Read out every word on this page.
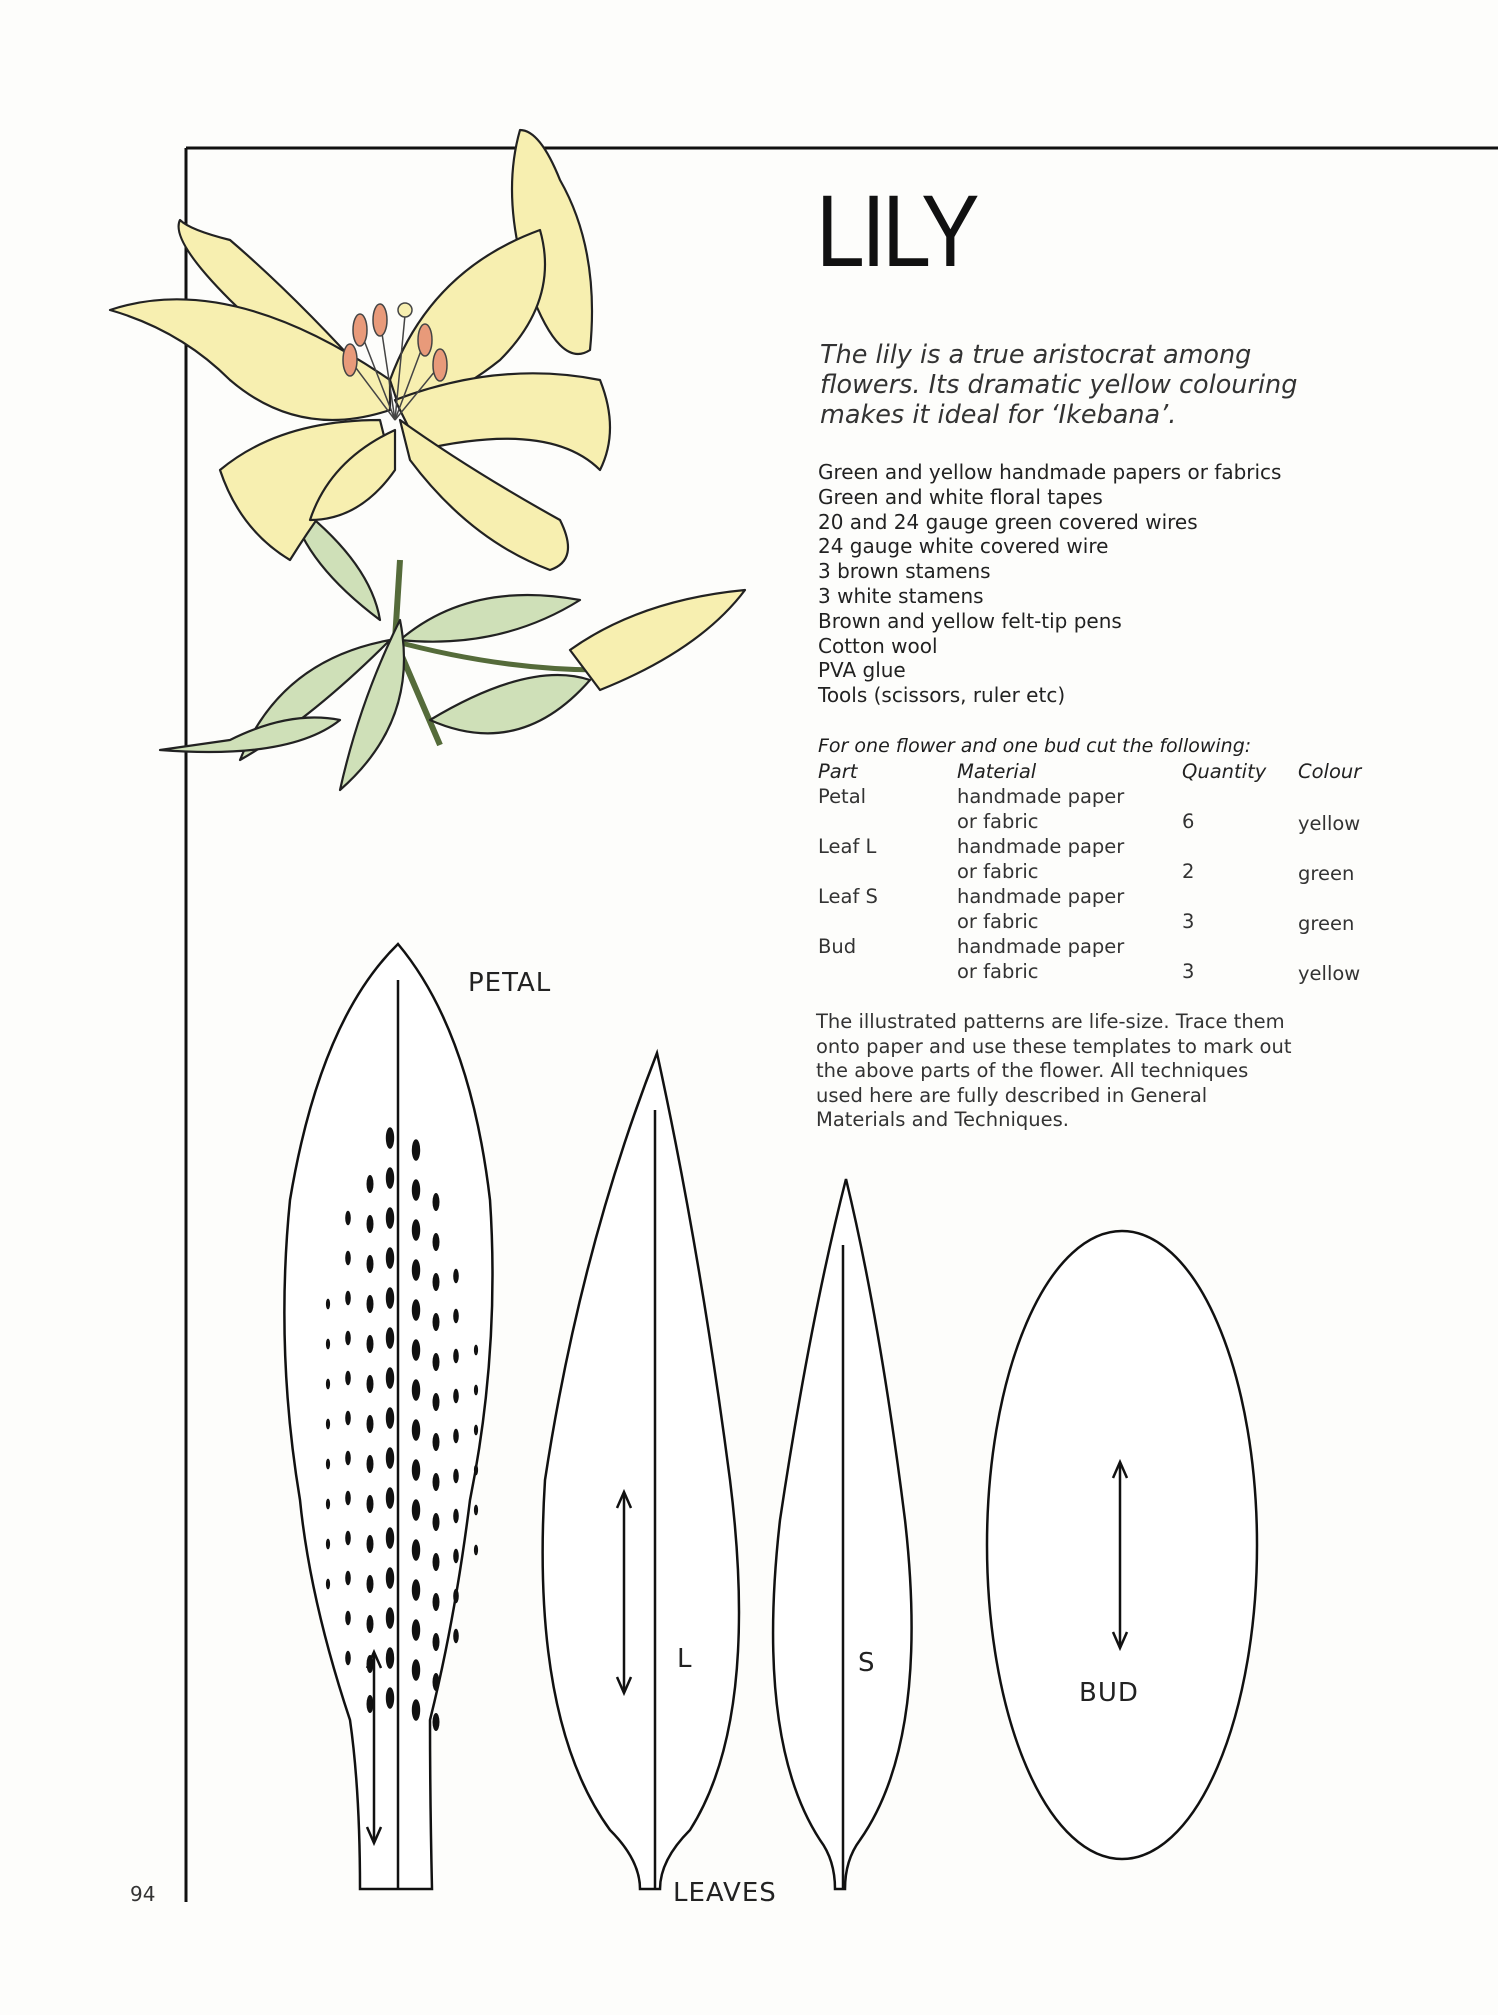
LILY
The lily is a true aristocrat among
flowers. Its dramatic yellow colouring
makes it ideal for ‘Ikebana’.
Green and yellow handmade papers or fabrics
Green and white floral tapes
20 and 24 gauge green covered wires
24 gauge white covered wire
3 brown stamens
3 white stamens
Brown and yellow felt-tip pens
Cotton wool
PVA glue
Tools (scissors, ruler etc)
For one flower and one bud cut the following:
Part	Material	Quantity Colour
Petal	handmade paper
or fabric	6	yellow
Leaf L	handmade paper
or fabric	2	green
Leaf S	handmade paper
or fabric	3	green
Bud	handmade paper
or fabric	3	yellow
The illustrated patterns are life-size. Trace them
onto paper and use these templates to mark out
the above parts of the flower. All techniques
used here are fully described in General
Materials and Techniques.
PETAL
L	S
LEAVES
BUD
94
